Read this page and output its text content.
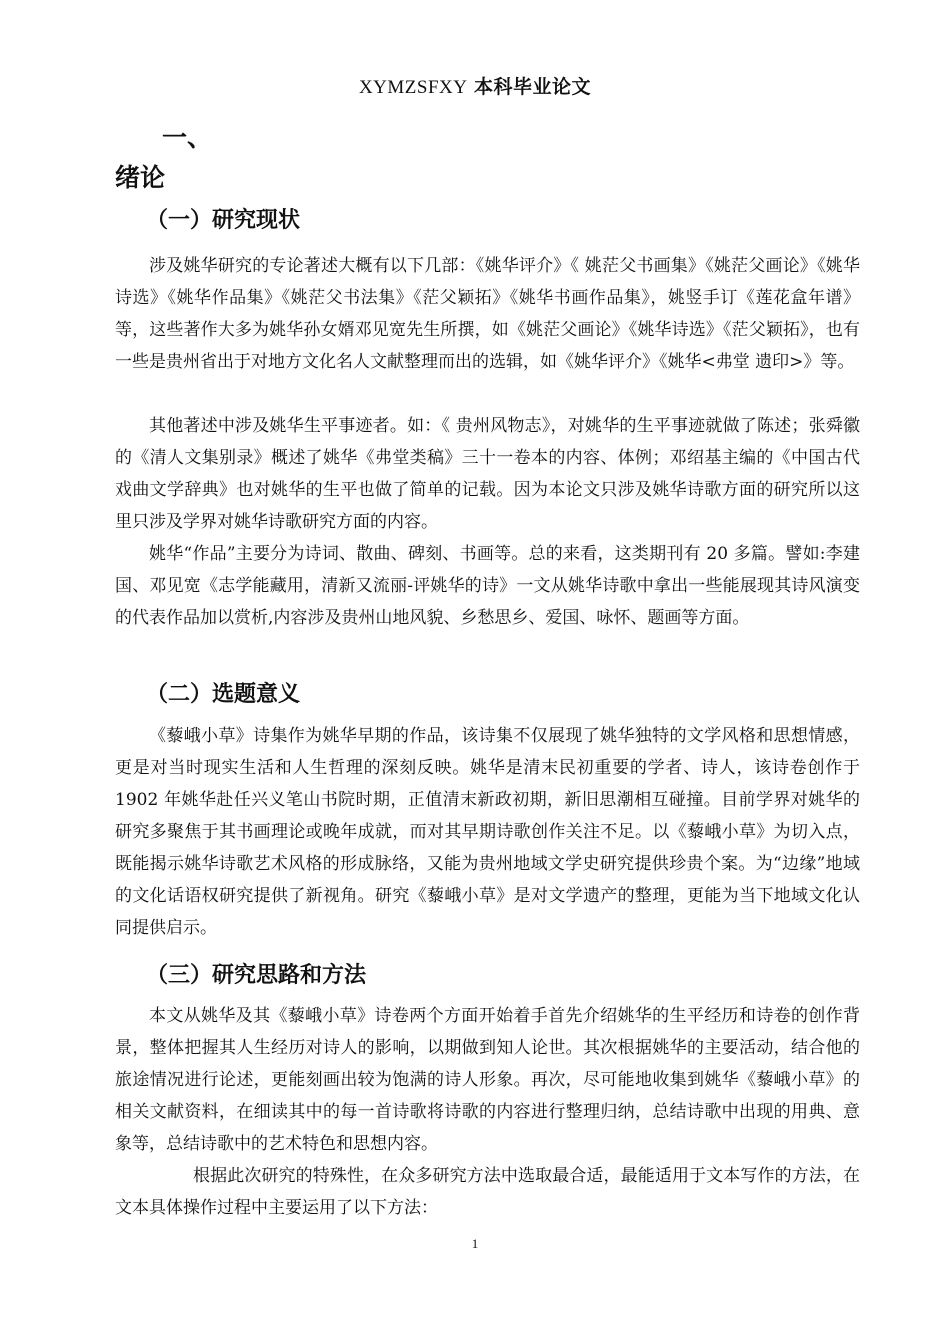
XYMZSFXY 本科毕业论文
一、
绪论
（一）研究现状

涉及姚华研究的专论著述大概有以下几部：《姚华评介》《 姚茫父书画集》《姚茫父画论》《姚华诗选》《姚华作品集》《姚茫父书法集》《茫父颖拓》《姚华书画作品集》，姚竖手订《莲花盒年谱》等，这些著作大多为姚华孙女婿邓见宽先生所撰，如《姚茫父画论》《姚华诗选》《茫父颖拓》，也有一些是贵州省出于对地方文化名人文献整理而出的选辑，如《姚华评介》《姚华<弗堂 遗印>》等。

其他著述中涉及姚华生平事迹者。如：《 贵州风物志》，对姚华的生平事迹就做了陈述；张舜徽的《清人文集别录》概述了姚华《弗堂类稿》三十一卷本的内容、体例；邓绍基主编的《中国古代戏曲文学辞典》也对姚华的生平也做了简单的记载。因为本论文只涉及姚华诗歌方面的研究所以这里只涉及学界对姚华诗歌研究方面的内容。

姚华“作品”主要分为诗词、散曲、碑刻、书画等。总的来看，这类期刊有 20 多篇。譬如:李建国、邓见宽《志学能藏用，清新又流丽-评姚华的诗》一文从姚华诗歌中拿出一些能展现其诗风演变的代表作品加以赏析,内容涉及贵州山地风貌、乡愁思乡、爱国、咏怀、题画等方面。

（二）选题意义

《藜峨小草》诗集作为姚华早期的作品，该诗集不仅展现了姚华独特的文学风格和思想情感，更是对当时现实生活和人生哲理的深刻反映。姚华是清末民初重要的学者、诗人，该诗卷创作于 1902 年姚华赴任兴义笔山书院时期，正值清末新政初期，新旧思潮相互碰撞。目前学界对姚华的研究多聚焦于其书画理论或晚年成就，而对其早期诗歌创作关注不足。以《藜峨小草》为切入点，既能揭示姚华诗歌艺术风格的形成脉络，又能为贵州地域文学史研究提供珍贵个案。为“边缘”地域的文化话语权研究提供了新视角。研究《藜峨小草》是对文学遗产的整理，更能为当下地域文化认同提供启示。

（三）研究思路和方法

本文从姚华及其《藜峨小草》诗卷两个方面开始着手首先介绍姚华的生平经历和诗卷的创作背景，整体把握其人生经历对诗人的影响，以期做到知人论世。其次根据姚华的主要活动，结合他的旅途情况进行论述，更能刻画出较为饱满的诗人形象。再次，尽可能地收集到姚华《藜峨小草》的相关文献资料，在细读其中的每一首诗歌将诗歌的内容进行整理归纳，总结诗歌中出现的用典、意象等，总结诗歌中的艺术特色和思想内容。

根据此次研究的特殊性，在众多研究方法中选取最合适，最能适用于文本写作的方法，在文本具体操作过程中主要运用了以下方法：

1
